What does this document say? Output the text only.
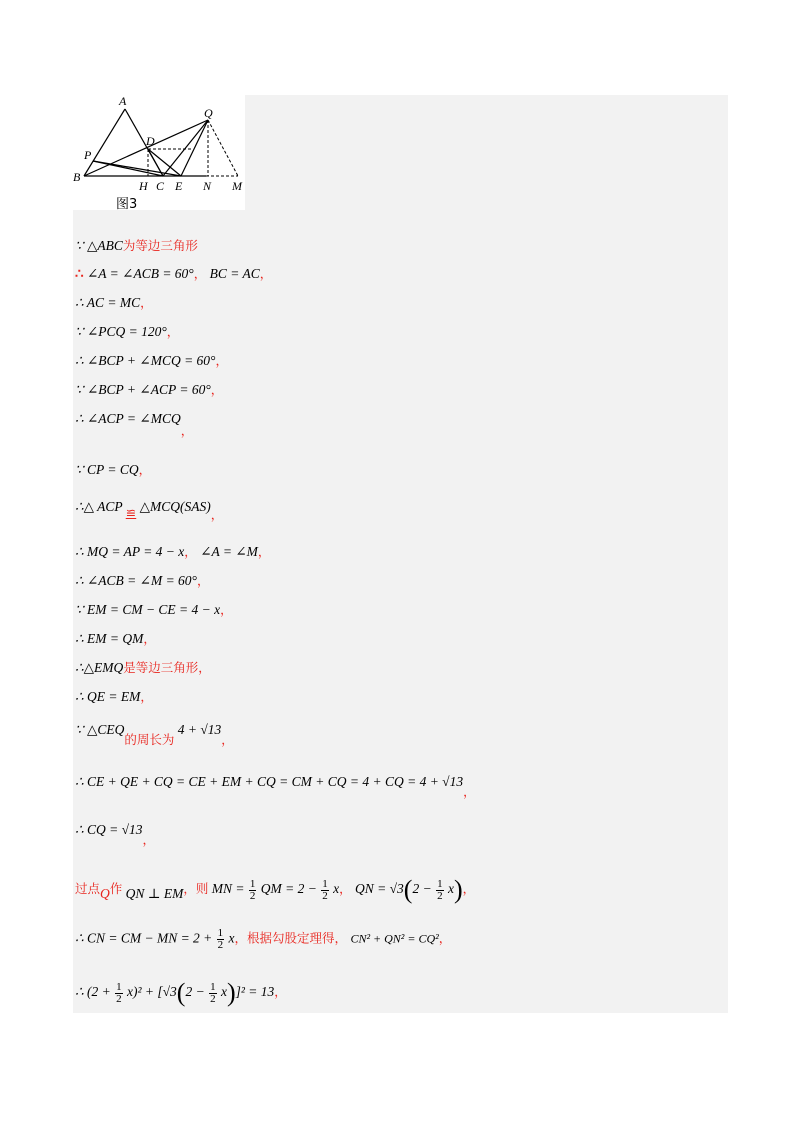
A
B
P
D
Q
H C E N M
图3
∵ △ABC为等边三角形
∴ ∠A = ∠ACB = 60°， BC = AC，
∴ AC = MC，
∵ ∠PCQ = 120°，
∴ ∠BCP + ∠MCQ = 60°，
∵ ∠BCP + ∠ACP = 60°，
∴ ∠ACP = ∠MCQ，
∵ CP = CQ，
∴△ ACP ≌ △MCQ(SAS)，
∴ MQ = AP = 4 − x， ∠A = ∠M，
∴ ∠ACB = ∠M = 60°，
∵ EM = CM − CE = 4 − x，
∴ EM = QM，
∴△EMQ是等边三角形，
∴ QE = EM，
∵ △CEQ的周长为 4 + √13，
∴ CE + QE + CQ = CE + EM + CQ = CM + CQ = 4 + CQ = 4 + √13，
∴ CQ = √13，
过点Q作 QN ⊥ EM，则 MN = $\frac{1}{2}$ QM = $2 - \frac{1}{2}$ x， QN = $√3(2 - \frac{1}{2} x)$，
∴ CN = CM − MN = $2 + \frac{1}{2}$ x，根据勾股定理得， CN² + QN² = CQ²，
∴ $(2 + \frac{1}{2} x)^2 + [√3(2 - \frac{1}{2} x)]^2 = 13$，
